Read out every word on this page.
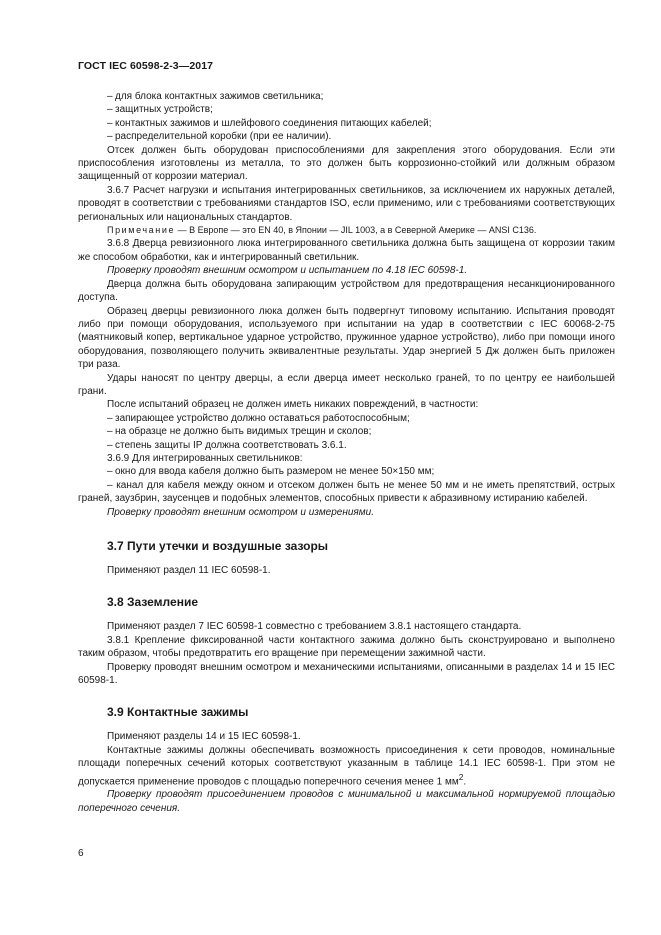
ГОСТ IEC 60598-2-3—2017

– для блока контактных зажимов светильника;

– защитных устройств;

– контактных зажимов и шлейфового соединения питающих кабелей;

– распределительной коробки (при ее наличии).

Отсек должен быть оборудован приспособлениями для закрепления этого оборудования. Если эти приспособления изготовлены из металла, то это должен быть коррозионно-стойкий или должным образом защищенный от коррозии материал.

3.6.7 Расчет нагрузки и испытания интегрированных светильников, за исключением их наружных деталей, проводят в соответствии с требованиями стандартов ISO, если применимо, или с требованиями соответствующих региональных или национальных стандартов.

Примечание — В Европе — это EN 40, в Японии — JIL 1003, а в Северной Америке — ANSI C136.

3.6.8 Дверца ревизионного люка интегрированного светильника должна быть защищена от коррозии таким же способом обработки, как и интегрированный светильник.

Проверку проводят внешним осмотром и испытанием по 4.18 IEC 60598-1.

Дверца должна быть оборудована запирающим устройством для предотвращения несанкционированного доступа.

Образец дверцы ревизионного люка должен быть подвергнут типовому испытанию. Испытания проводят либо при помощи оборудования, используемого при испытании на удар в соответствии с IEC 60068-2-75 (маятниковый копер, вертикальное ударное устройство, пружинное ударное устройство), либо при помощи иного оборудования, позволяющего получить эквивалентные результаты. Удар энергией 5 Дж должен быть приложен три раза.

Удары наносят по центру дверцы, а если дверца имеет несколько граней, то по центру ее наибольшей грани.

После испытаний образец не должен иметь никаких повреждений, в частности:

– запирающее устройство должно оставаться работоспособным;

– на образце не должно быть видимых трещин и сколов;

– степень защиты IP должна соответствовать 3.6.1.

3.6.9 Для интегрированных светильников:

– окно для ввода кабеля должно быть размером не менее 50×150 мм;

– канал для кабеля между окном и отсеком должен быть не менее 50 мм и не иметь препятствий, острых граней, заузбрин, заусенцев и подобных элементов, способных привести к абразивному истиранию кабелей.

Проверку проводят внешним осмотром и измерениями.

3.7 Пути утечки и воздушные зазоры

Применяют раздел 11 IEC 60598-1.

3.8 Заземление

Применяют раздел 7 IEC 60598-1 совместно с требованием 3.8.1 настоящего стандарта.

3.8.1 Крепление фиксированной части контактного зажима должно быть сконструировано и выполнено таким образом, чтобы предотвратить его вращение при перемещении зажимной части.

Проверку проводят внешним осмотром и механическими испытаниями, описанными в разделах 14 и 15 IEC 60598-1.

3.9 Контактные зажимы

Применяют разделы 14 и 15 IEC 60598-1.

Контактные зажимы должны обеспечивать возможность присоединения к сети проводов, номинальные площади поперечных сечений которых соответствуют указанным в таблице 14.1 IEC 60598-1. При этом не допускается применение проводов с площадью поперечного сечения менее 1 $мм^2$.

Проверку проводят присоединением проводов с минимальной и максимальной нормируемой площадью поперечного сечения.

6
